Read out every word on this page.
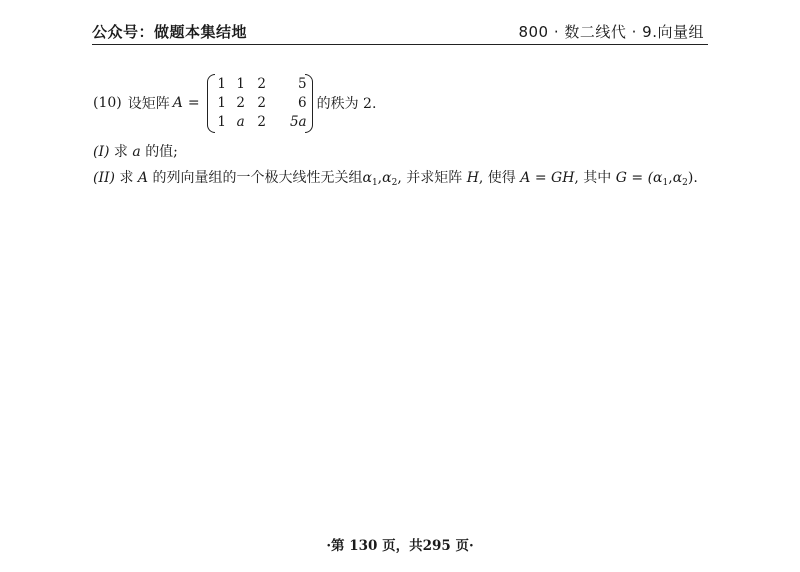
公众号：做题本集结地	800 · 数二线代 · 9.向量组
(10) 设矩阵 A =
1 1 2	5
1 2 2	6
1 a 2	5a
的秩为 2.
(I) 求 a 的值;
(II) 求 A 的列向量组的一个极大线性无关组$\alpha_1,\alpha_2$, 并求矩阵 H, 使得 A = GH, 其中 $G = (\alpha_1,\alpha_2)$.
·第 130 页，共295 页·
